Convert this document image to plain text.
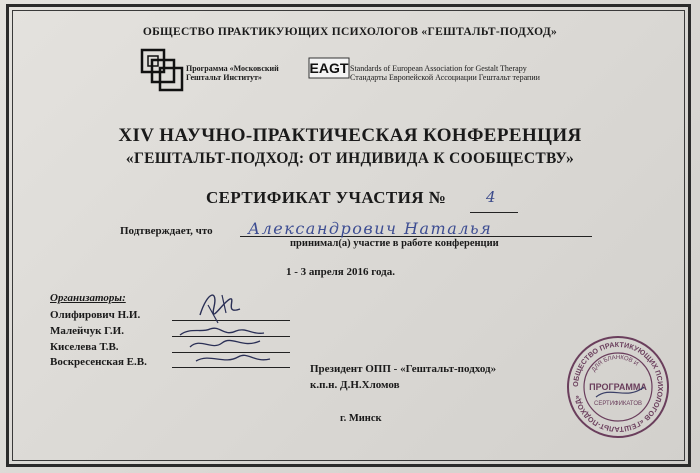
ОБЩЕСТВО ПРАКТИКУЮЩИХ ПСИХОЛОГОВ «ГЕШТАЛЬТ-ПОДХОД»
Программа «Московский
Гештальт Институт»
EAGT Standards of European Association for Gestalt Therapy
Стандарты Европейской Ассоциации Гештальт терапии
XIV НАУЧНО-ПРАКТИЧЕСКАЯ КОНФЕРЕНЦИЯ
«ГЕШТАЛЬТ-ПОДХОД: ОТ ИНДИВИДА К СООБЩЕСТВУ»
СЕРТИФИКАТ УЧАСТИЯ №	4
Подтверждает, что Александрович Наталья
принимал(а) участие в работе конференции
1 - 3 апреля 2016 года.
Организаторы:
Олифирович Н.И.
Малейчук Г.И.
Киселева Т.В.
Воскресенская Е.В.
Президент ОПП - «Гештальт-подход»
к.п.н. Д.Н.Хломов
г. Минск
ОБЩЕСТВО ПРАКТИКУЮЩИХ ПСИХОЛОГОВ «ГЕШТАЛЬТ-ПОДХОД»
ДЛЯ БЛАНКОВ И
ПРОГРАММА
СЕРТИФИКАТОВ
